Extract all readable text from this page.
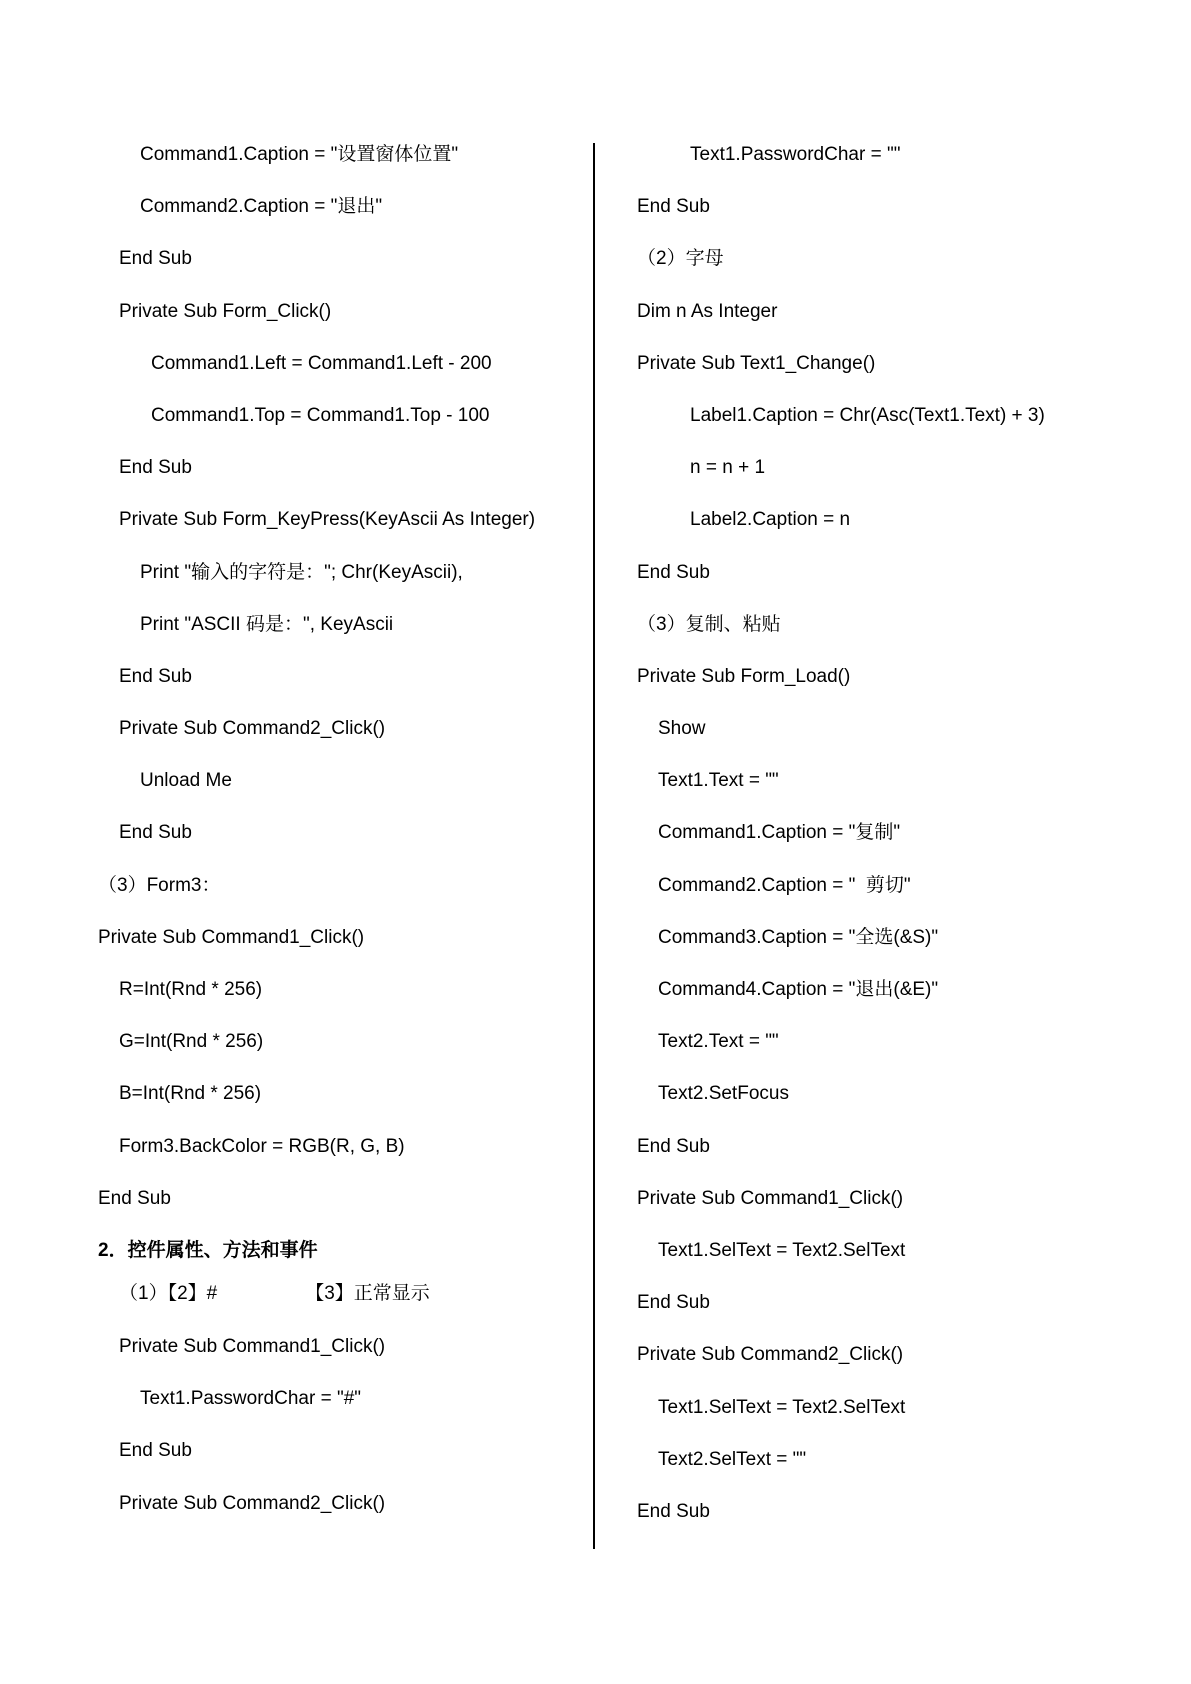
Command1.Caption = "设置窗体位置"
Command2.Caption = "退出"
End Sub
Private Sub Form_Click()
Command1.Left = Command1.Left - 200
Command1.Top = Command1.Top - 100
End Sub
Private Sub Form_KeyPress(KeyAscii As Integer)
Print "输入的字符是："; Chr(KeyAscii),
Print "ASCII 码是：", KeyAscii
End Sub
Private Sub Command2_Click()
Unload Me
End Sub
（3）Form3：
Private Sub Command1_Click()
R=Int(Rnd * 256)
G=Int(Rnd * 256)
B=Int(Rnd * 256)
Form3.BackColor = RGB(R, G, B)
End Sub
2．控件属性、方法和事件
（1）【2】#	【3】正常显示
Private Sub Command1_Click()
Text1.PasswordChar = "#"
End Sub
Private Sub Command2_Click()
Text1.PasswordChar = ""
End Sub
（2）字母
Dim n As Integer
Private Sub Text1_Change()
Label1.Caption = Chr(Asc(Text1.Text) + 3)
n = n + 1
Label2.Caption = n
End Sub
（3）复制、粘贴
Private Sub Form_Load()
Show
Text1.Text = ""
Command1.Caption = "复制"
Command2.Caption = "  剪切"
Command3.Caption = "全选(&S)"
Command4.Caption = "退出(&E)"
Text2.Text = ""
Text2.SetFocus
End Sub
Private Sub Command1_Click()
Text1.SelText = Text2.SelText
End Sub
Private Sub Command2_Click()
Text1.SelText = Text2.SelText
Text2.SelText = ""
End Sub
